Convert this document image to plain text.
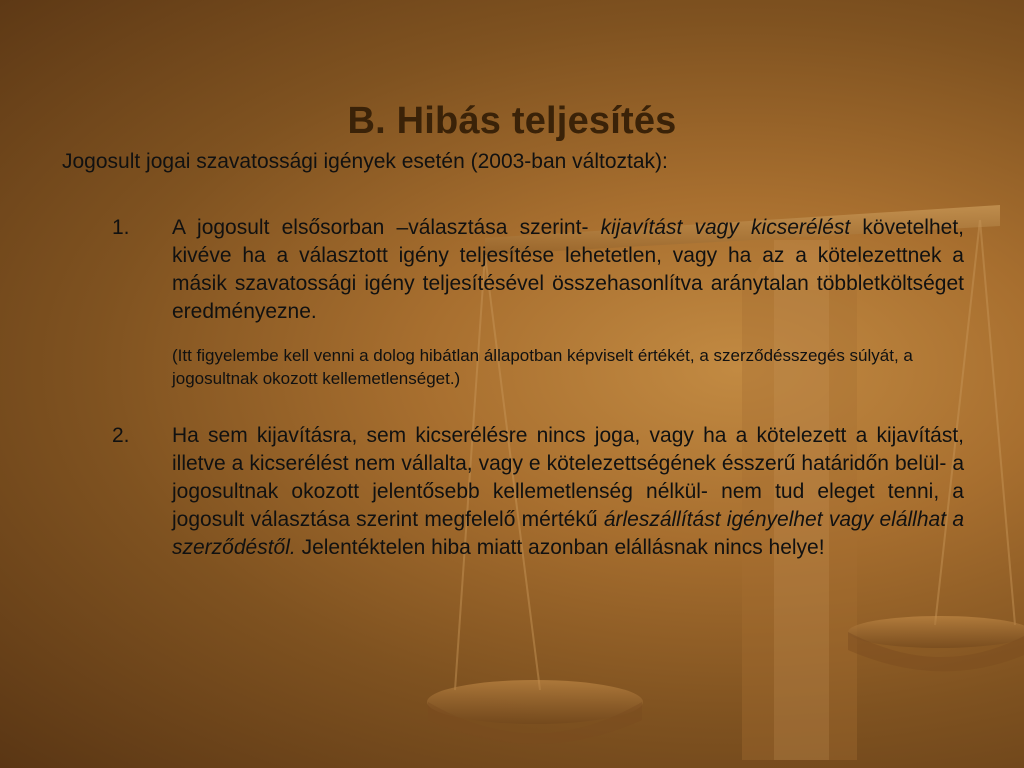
B. Hibás teljesítés
Jogosult jogai szavatossági igények esetén (2003-ban változtak):
1.	A jogosult elsősorban –választása szerint- kijavítást vagy kicserélést követelhet, kivéve ha a választott igény teljesítése lehetetlen, vagy ha az a kötelezettnek a másik szavatossági igény teljesítésével összehasonlítva aránytalan többletköltséget eredményezne.
(Itt figyelembe kell venni a dolog hibátlan állapotban képviselt értékét, a szerződésszegés súlyát, a jogosultnak okozott kellemetlenséget.)
2.	Ha sem kijavításra, sem kicserélésre nincs joga, vagy ha a kötelezett a kijavítást, illetve a kicserélést nem vállalta, vagy e kötelezettségének ésszerű határidőn belül- a jogosultnak okozott jelentősebb kellemetlenség nélkül- nem tud eleget tenni, a jogosult választása szerint megfelelő mértékű árleszállítást igényelhet vagy elállhat a szerződéstől. Jelentéktelen hiba miatt azonban elállásnak nincs helye!
